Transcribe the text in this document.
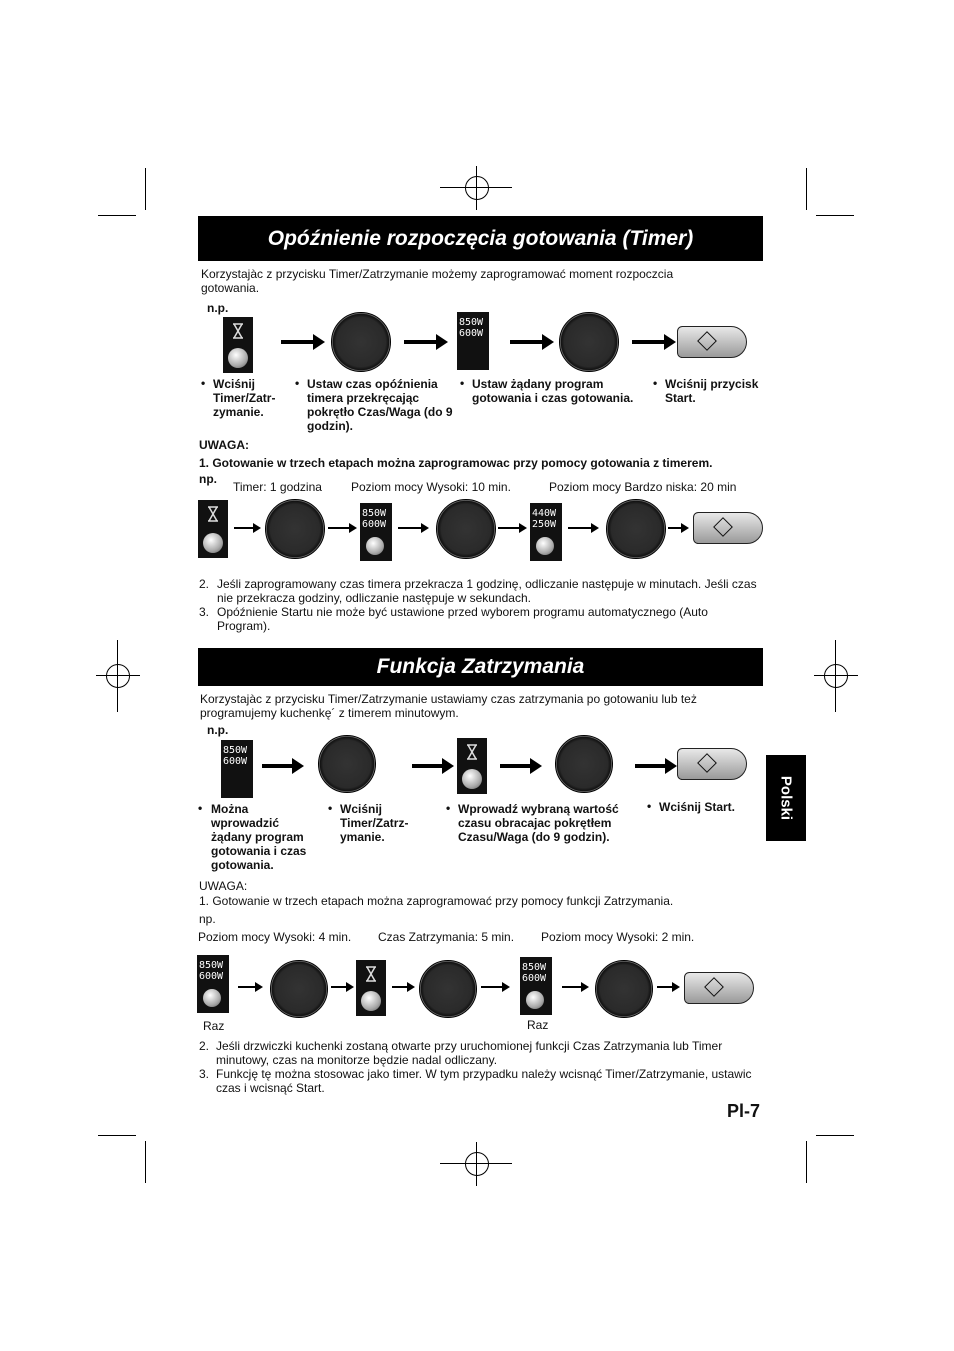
Opóźnienie rozpoczęcia gotowania (Timer)
Korzystajàc z przycisku Timer/Zatrzymanie możemy zaprogramować moment rozpoczcia gotowania.
n.p.
850W
600W
• Wciśnij Timer/Zatr-zymanie.
• Ustaw czas opóźnienia timera przekręcając pokrętło Czas/Waga (do 9 godzin).
• Ustaw żądany program gotowania i czas gotowania.
• Wciśnij przycisk Start.
UWAGA:
1. Gotowanie w trzech etapach można zaprogramowac przy pomocy gotowania z timerem.
np.
Timer: 1 godzina Poziom mocy Wysoki: 10 min.	Poziom mocy Bardzo niska: 20 min
850W
600W
440W
250W
2. Jeśli zaprogramowany czas timera przekracza 1 godzinę, odliczanie następuje w minutach. Jeśli czas nie przekracza godziny, odliczanie następuje w sekundach.
3. Opóźnienie Startu nie może być ustawione przed wyborem programu automatycznego (Auto Program).
Funkcja Zatrzymania
Korzystajàc z przycisku Timer/Zatrzymanie ustawiamy czas zatrzymania po gotowaniu lub też programujemy kuchenkę´ z timerem minutowym.
n.p.
850W
600W
• Można wprowadzić żądany program gotowania i czas gotowania.
• Wciśnij Timer/Zatrz-ymanie.
• Wprowadź wybraną wartość czasu obracajac pokrętłem Czasu/Waga (do 9 godzin).
• Wciśnij Start.
UWAGA:
1. Gotowanie w trzech etapach można zaprogramować przy pomocy funkcji Zatrzymania.
np.
Poziom mocy Wysoki: 4 min. Czas Zatrzymania: 5 min. Poziom mocy Wysoki: 2 min.
850W
600W
850W
600W
Raz	Raz
2. Jeśli drzwiczki kuchenki zostaną otwarte przy uruchomionej funkcji Czas Zatrzymania lub Timer minutowy, czas na monitorze będzie nadal odliczany.
3. Funkcję tę można stosowac jako timer. W tym przypadku należy wcisnąć Timer/Zatrzymanie, ustawic czas i wcisnąć Start.
Polski
Pl-7
